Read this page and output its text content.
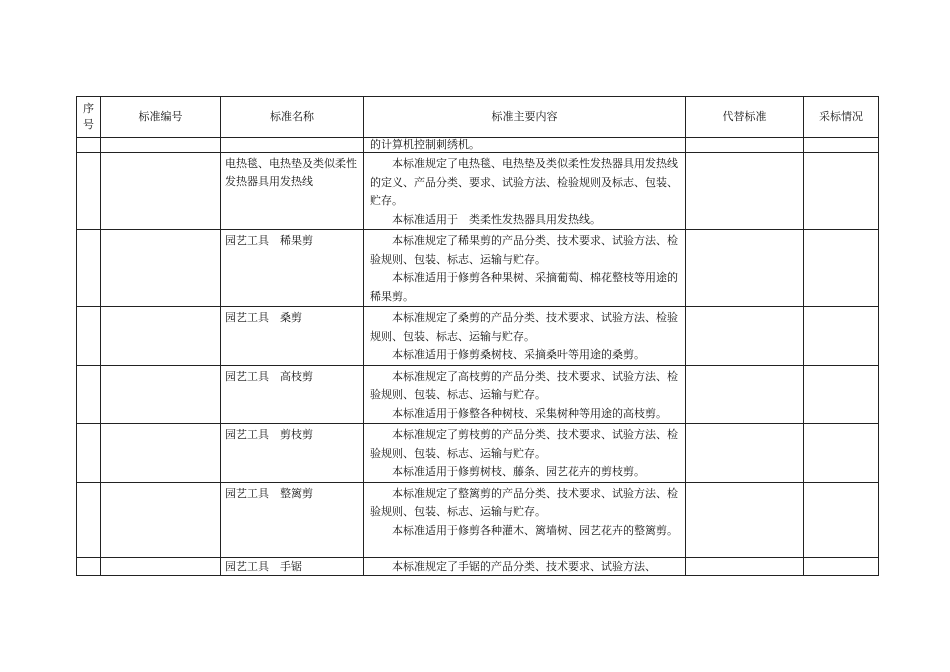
序号	标准编号	标准名称	标准主要内容	代替标准	采标情况

			的计算机控制刺绣机。		

		电热毯、电热垫及类似柔性发热器具用发热线	本标准规定了电热毯、电热垫及类似柔性发热器具用发热线的定义、产品分类、要求、试验方法、检验规则及标志、包装、贮存。

本标准适用于　类柔性发热器具用发热线。		

		园艺工具　稀果剪	本标准规定了稀果剪的产品分类、技术要求、试验方法、检验规则、包装、标志、运输与贮存。

本标准适用于修剪各种果树、采摘葡萄、棉花整枝等用途的稀果剪。		

		园艺工具　桑剪	本标准规定了桑剪的产品分类、技术要求、试验方法、检验规则、包装、标志、运输与贮存。

本标准适用于修剪桑树枝、采摘桑叶等用途的桑剪。		

		园艺工具　高枝剪	本标准规定了高枝剪的产品分类、技术要求、试验方法、检验规则、包装、标志、运输与贮存。

本标准适用于修整各种树枝、采集树种等用途的高枝剪。		

		园艺工具　剪枝剪	本标准规定了剪枝剪的产品分类、技术要求、试验方法、检验规则、包装、标志、运输与贮存。

本标准适用于修剪树枝、藤条、园艺花卉的剪枝剪。		

		园艺工具　整篱剪	本标准规定了整篱剪的产品分类、技术要求、试验方法、检验规则、包装、标志、运输与贮存。

本标准适用于修剪各种灌木、篱墙树、园艺花卉的整篱剪。		

		园艺工具　手锯	本标准规定了手锯的产品分类、技术要求、试验方法、		
